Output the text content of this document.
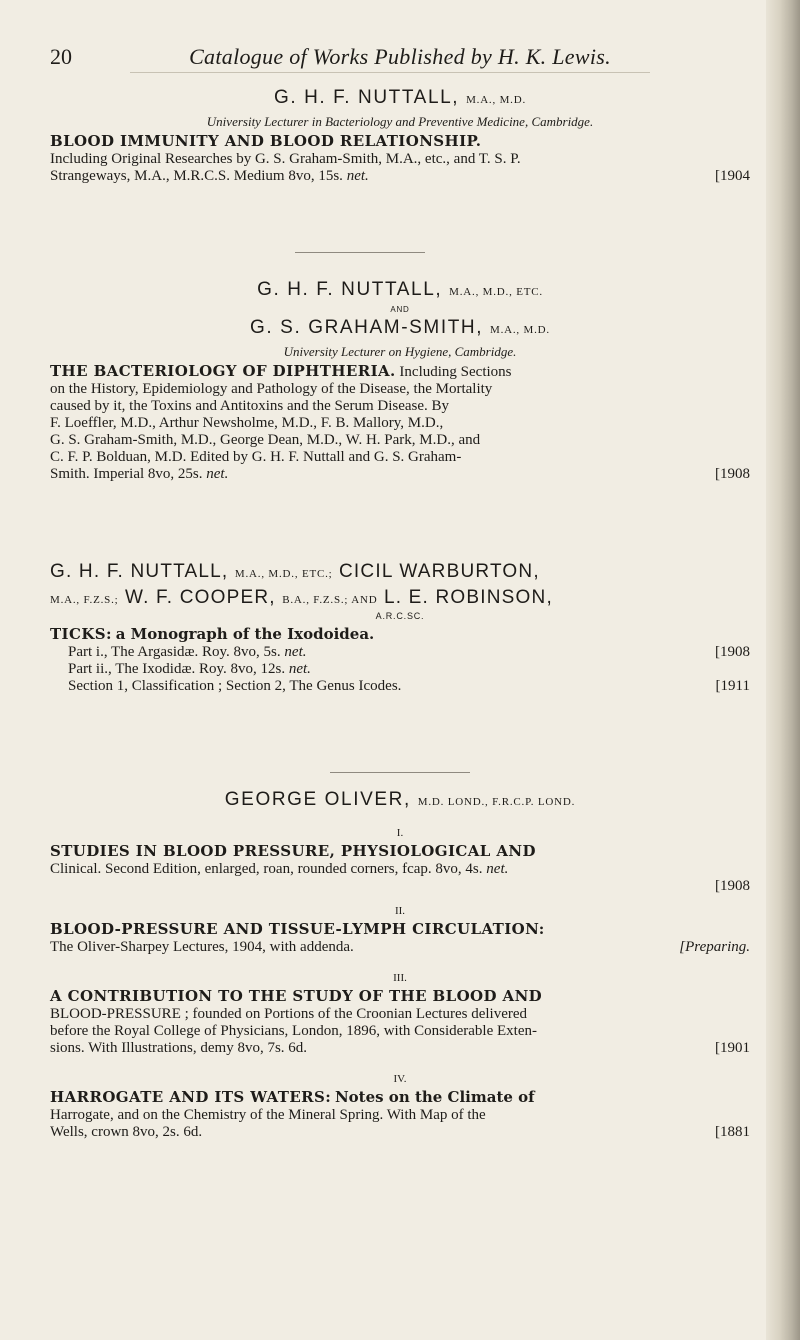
20	Catalogue of Works Published by H. K. Lewis.
G. H. F. NUTTALL, M.A., M.D.
University Lecturer in Bacteriology and Preventive Medicine, Cambridge.
BLOOD IMMUNITY AND BLOOD RELATIONSHIP.
Including Original Researches by G. S. Graham-Smith, M.A., etc., and T. S. P.
Strangeways, M.A., M.R.C.S. Medium 8vo, 15s. net.	[1904
G. H. F. NUTTALL, M.A., M.D., ETC.
AND
G. S. GRAHAM-SMITH, M.A., M.D.
University Lecturer on Hygiene, Cambridge.
THE BACTERIOLOGY OF DIPHTHERIA. Including Sections
on the History, Epidemiology and Pathology of the Disease, the Mortality
caused by it, the Toxins and Antitoxins and the Serum Disease. By
F. Loeffler, M.D., Arthur Newsholme, M.D., F. B. Mallory, M.D.,
G. S. Graham-Smith, M.D., George Dean, M.D., W. H. Park, M.D., and
C. F. P. Bolduan, M.D. Edited by G. H. F. Nuttall and G. S. Graham-
Smith. Imperial 8vo, 25s. net.	[1908
G. H. F. NUTTALL, M.A., M.D., ETC.; CICIL WARBURTON,
M.A., F.Z.S.; W. F. COOPER, B.A., F.Z.S.; AND L. E. ROBINSON,
A.R.C.SC.
TICKS: a Monograph of the Ixodoidea.
Part i., The Argasidæ. Roy. 8vo, 5s. net.	[1908
Part ii., The Ixodidæ. Roy. 8vo, 12s. net.
Section 1, Classification ; Section 2, The Genus Icodes.	[1911
GEORGE OLIVER, M.D. LOND., F.R.C.P. LOND.
I.
STUDIES IN BLOOD PRESSURE, PHYSIOLOGICAL AND
Clinical. Second Edition, enlarged, roan, rounded corners, fcap. 8vo, 4s. net.
[1908
II.
BLOOD-PRESSURE AND TISSUE-LYMPH CIRCULATION:
The Oliver-Sharpey Lectures, 1904, with addenda.	[Preparing.
III.
A CONTRIBUTION TO THE STUDY OF THE BLOOD AND
BLOOD-PRESSURE ; founded on Portions of the Croonian Lectures delivered
before the Royal College of Physicians, London, 1896, with Considerable Exten-
sions. With Illustrations, demy 8vo, 7s. 6d.	[1901
IV.
HARROGATE AND ITS WATERS: Notes on the Climate of
Harrogate, and on the Chemistry of the Mineral Spring. With Map of the
Wells, crown 8vo, 2s. 6d.	[1881
